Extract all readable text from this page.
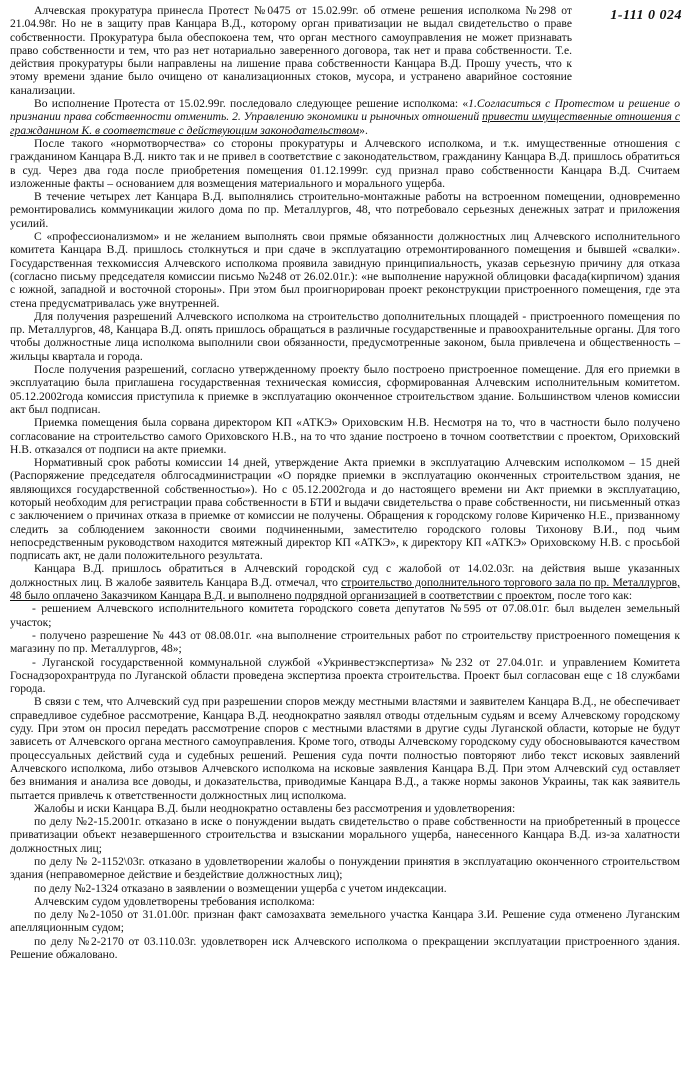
1-111 0 024

Алчевская прокуратура принесла Протест №0475 от 15.02.99г. об отмене решения исполкома №298 от 21.04.98г. Но не в защиту прав Канцара В.Д., которому орган приватизации не выдал свидетельство о праве собственности. Прокуратура была обеспокоена тем, что орган местного самоуправления не может признавать право собственности и тем, что раз нет нотариально заверенного договора, так нет и права собственности. Т.е. действия прокуратуры были направлены на лишение права собственности Канцара В.Д. Прошу учесть, что к этому времени здание было очищено от канализационных стоков, мусора, и устранено аварийное состояние канализации.

Во исполнение Протеста от 15.02.99г. последовало следующее решение исполкома: «1.Согласиться с Протестом и решение о признании права собственности отменить. 2. Управлению экономики и рыночных отношений привести имущественные отношения с гражданином К. в соответствие с действующим законодательством».

После такого «нормотворчества» со стороны прокуратуры и Алчевского исполкома, и т.к. имущественные отношения с гражданином Канцара В.Д. никто так и не привел в соответствие с законодательством, гражданину Канцара В.Д. пришлось обратиться в суд. Через два года после приобретения помещения 01.12.1999г. суд признал право собственности Канцара В.Д. Считаем изложенные факты – основанием для возмещения материального и морального ущерба.

В течение четырех лет Канцара В.Д. выполнялись строительно-монтажные работы на встроенном помещении, одновременно ремонтировались коммуникации жилого дома по пр. Металлургов, 48, что потребовало серьезных денежных затрат и приложения усилий.

С «профессионализмом» и не желанием выполнять свои прямые обязанности должностных лиц Алчевского исполнительного комитета Канцара В.Д. пришлось столкнуться и при сдаче в эксплуатацию отремонтированного помещения и бывшей «свалки». Государственная техкомиссия Алчевского исполкома проявила завидную принципиальность, указав серьезную причину для отказа (согласно письму председателя комиссии письмо №248 от 26.02.01г.): «не выполнение наружной облицовки фасада(кирпичом) здания с южной, западной и восточной стороны». При этом был проигнорирован проект реконструкции пристроенного помещения, где эта стена предусматривалась уже внутренней.

Для получения разрешений Алчевского исполкома на строительство дополнительных площадей - пристроенного помещения по пр. Металлургов, 48, Канцара В.Д. опять пришлось обращаться в различные государственные и правоохранительные органы. Для того чтобы должностные лица исполкома выполнили свои обязанности, предусмотренные законом, была привлечена и общественность – жильцы квартала и города.

После получения разрешений, согласно утвержденному проекту было построено пристроенное помещение. Для его приемки в эксплуатацию была приглашена государственная техническая комиссия, сформированная Алчевским исполнительным комитетом. 05.12.2002года комиссия приступила к приемке в эксплуатацию оконченное строительством здание. Большинством членов комиссии акт был подписан.

Приемка помещения была сорвана директором КП «АТКЭ» Ориховским Н.В. Несмотря на то, что в частности было получено согласование на строительство самого Ориховского Н.В., на то что здание построено в точном соответствии с проектом, Ориховский Н.В. отказался от подписи на акте приемки.

Нормативный срок работы комиссии 14 дней, утверждение Акта приемки в эксплуатацию Алчевским исполкомом – 15 дней (Распоряжение председателя облгосадминистрации «О порядке приемки в эксплуатацию оконченных строительством здания, не являющихся государственной собственностью»). Но с 05.12.2002года и до настоящего времени ни Акт приемки в эксплуатацию, который необходим для регистрации права собственности в БТИ и выдачи свидетельства о праве собственности, ни письменный отказ с заключением о причинах отказа в приемке от комиссии не получены. Обращения к городскому голове Кириченко Н.Е., призванному следить за соблюдением законности своими подчиненными, заместителю городского головы Тихонову В.И., под чьим непосредственным руководством находится мятежный директор КП «АТКЭ», к директору КП «АТКЭ» Ориховскому Н.В. с просьбой подписать акт, не дали положительного результата.

Канцара В.Д. пришлось обратиться в Алчевский городской суд с жалобой от 14.02.03г. на действия выше указанных должностных лиц. В жалобе заявитель Канцара В.Д. отмечал, что строительство дополнительного торгового зала по пр. Металлургов, 48 было оплачено Заказчиком Канцара В.Д. и выполнено подрядной организацией в соответствии с проектом, после того как:

- решением Алчевского исполнительного комитета городского совета депутатов №595 от 07.08.01г. был выделен земельный участок;

- получено разрешение № 443 от 08.08.01г. «на выполнение строительных работ по строительству пристроенного помещения к магазину по пр. Металлургов, 48»;

- Луганской государственной коммунальной службой «Укринвестэкспертиза» №232 от 27.04.01г. и управлением Комитета Госнадзорохрантруда по Луганской области проведена экспертиза проекта строительства. Проект был согласован еще с 18 службами города.

В связи с тем, что Алчевский суд при разрешении споров между местными властями и заявителем Канцара В.Д., не обеспечивает справедливое судебное рассмотрение, Канцара В.Д. неоднократно заявлял отводы отдельным судьям и всему Алчевскому городскому суду. При этом он просил передать рассмотрение споров с местными властями в другие суды Луганской области, которые не будут зависеть от Алчевского органа местного самоуправления. Кроме того, отводы Алчевскому городскому суду обосновываются качеством процессуальных действий суда и судебных решений. Решения суда почти полностью повторяют либо текст исковых заявлений Алчевского исполкома, либо отзывов Алчевского исполкома на исковые заявления Канцара В.Д. При этом Алчевский суд оставляет без внимания и анализа все доводы, и доказательства, приводимые Канцара В.Д., а также нормы законов Украины, так как заявитель пытается привлечь к ответственности должностных лиц исполкома.

Жалобы и иски Канцара В.Д. были неоднократно оставлены без рассмотрения и удовлетворения:

по делу №2-15.2001г. отказано в иске о понуждении выдать свидетельство о праве собственности на приобретенный в процессе приватизации объект незавершенного строительства и взыскании морального ущерба, нанесенного Канцара В.Д. из-за халатности должностных лиц;

по делу № 2-1152\03г. отказано в удовлетворении жалобы о понуждении принятия в эксплуатацию оконченного строительством здания (неправомерное действие и бездействие должностных лиц);

по делу №2-1324 отказано в заявлении о возмещении ущерба с учетом индексации.

Алчевским судом удовлетворены требования исполкома:

по делу №2-1050 от 31.01.00г. признан факт самозахвата земельного участка Канцара З.И. Решение суда отменено Луганским апелляционным судом;

по делу №2-2170 от 03.110.03г. удовлетворен иск Алчевского исполкома о прекращении эксплуатации пристроенного здания. Решение обжаловано.
